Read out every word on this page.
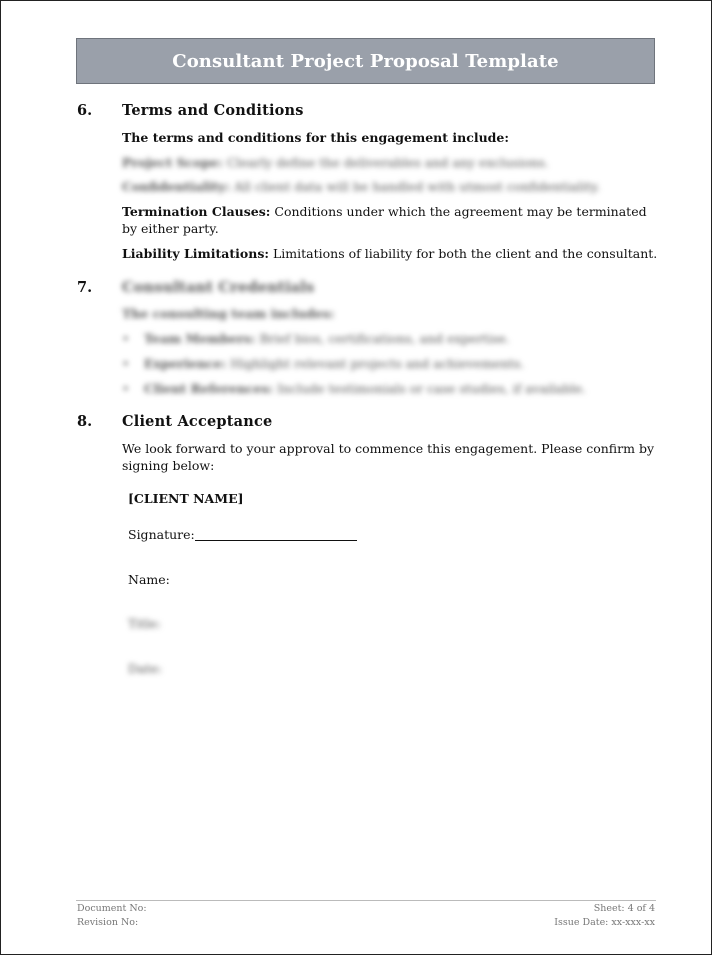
Consultant Project Proposal Template
6. Terms and Conditions
The terms and conditions for this engagement include:
Project Scope: Clearly define the deliverables and any exclusions.
Confidentiality: All client data will be handled with utmost confidentiality.
Termination Clauses: Conditions under which the agreement may be terminated by either party.
Liability Limitations: Limitations of liability for both the client and the consultant.
7. Consultant Credentials
The consulting team includes:
• Team Members: Brief bios, certifications, and expertise.
• Experience: Highlight relevant projects and achievements.
• Client References: Include testimonials or case studies, if available.
8. Client Acceptance
We look forward to your approval to commence this engagement. Please confirm by signing below:
[CLIENT NAME]
Signature:
Name:
Title:
Date:
Document No:
Revision No:
Sheet: 4 of 4
Issue Date: xx-xxx-xx
